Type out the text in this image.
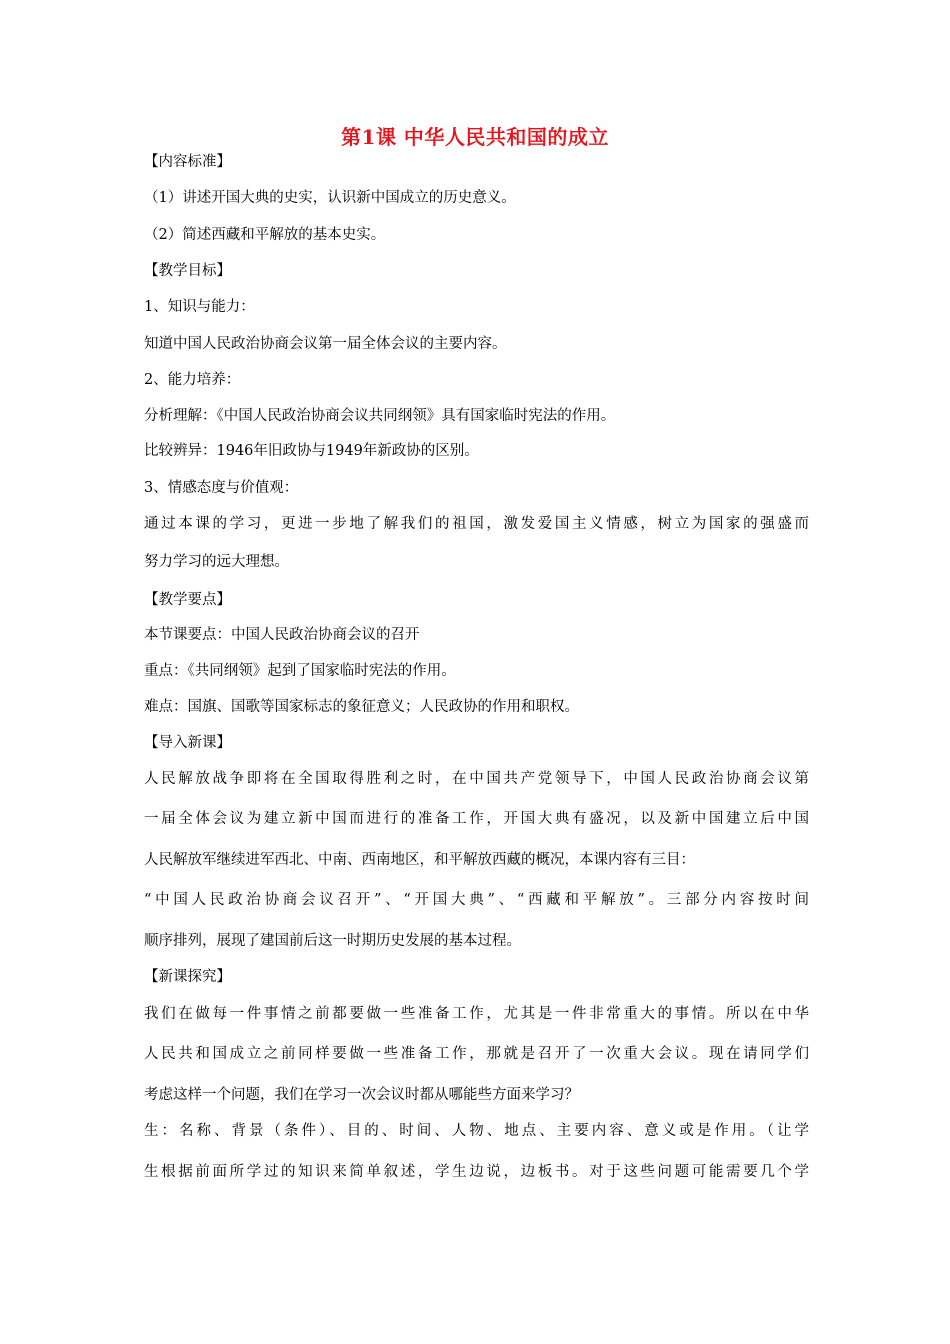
第1课 中华人民共和国的成立
【内容标准】
（1）讲述开国大典的史实，认识新中国成立的历史意义。
（2）简述西藏和平解放的基本史实。
【教学目标】
1、知识与能力：
知道中国人民政治协商会议第一届全体会议的主要内容。
2、能力培养：
分析理解：《中国人民政治协商会议共同纲领》具有国家临时宪法的作用。
比较辨异：1946年旧政协与1949年新政协的区别。
3、情感态度与价值观：
通过本课的学习，更进一步地了解我们的祖国，激发爱国主义情感，树立为国家的强盛而
努力学习的远大理想。
【教学要点】
本节课要点：中国人民政治协商会议的召开
重点：《共同纲领》起到了国家临时宪法的作用。
难点：国旗、国歌等国家标志的象征意义；人民政协的作用和职权。
【导入新课】
人民解放战争即将在全国取得胜利之时，在中国共产党领导下，中国人民政治协商会议第
一届全体会议为建立新中国而进行的准备工作，开国大典有盛况，以及新中国建立后中国
人民解放军继续进军西北、中南、西南地区，和平解放西藏的概况，本课内容有三目：
“中国人民政治协商会议召开”、“开国大典”、“西藏和平解放”。三部分内容按时间
顺序排列，展现了建国前后这一时期历史发展的基本过程。
【新课探究】
我们在做每一件事情之前都要做一些准备工作，尤其是一件非常重大的事情。所以在中华
人民共和国成立之前同样要做一些准备工作，那就是召开了一次重大会议。现在请同学们
考虑这样一个问题，我们在学习一次会议时都从哪能些方面来学习？
生：名称、背景（条件）、目的、时间、人物、地点、主要内容、意义或是作用。（让学
生根据前面所学过的知识来简单叙述，学生边说，边板书。对于这些问题可能需要几个学
